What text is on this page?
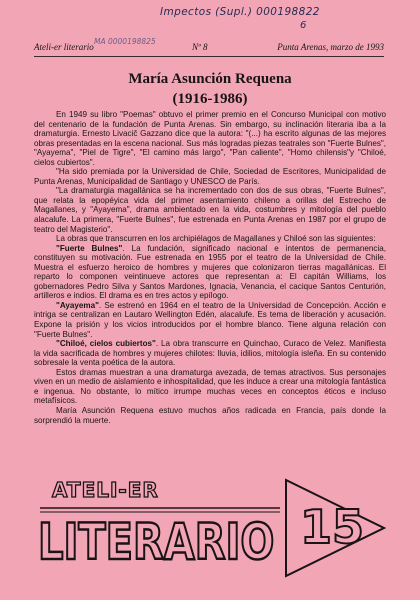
Impectos (Supl.) 000198822
6
MA 0000198825
Ateli-er literario	Nº 8	Punta Arenas, marzo de 1993
María Asunción Requena
(1916-1986)

En 1949 su libro "Poemas" obtuvo el primer premio en el Concurso Municipal con motivo del centenario de la fundación de Punta Arenas. Sin embargo, su inclinación literaria iba a la dramaturgia. Ernesto Livacič Gazzano dice que la autora: "(...) ha escrito algunas de las mejores obras presentadas en la escena nacional. Sus más logradas piezas teatrales son "Fuerte Bulnes", "Ayayema", "Piel de Tigre", "El camino más largo", "Pan caliente", "Homo chilensis"y "Chiloé, cielos cubiertos".

"Ha sido premiada por la Universidad de Chile, Sociedad de Escritores, Municipalidad de Punta Arenas, Municipalidad de Santiago y UNESCO de París.

"La dramaturgia magallánica se ha incrementado con dos de sus obras, "Fuerte Bulnes", que relata la epopéyica vida del primer asentamiento chileno a orillas del Estrecho de Magallanes, y "Ayayema", drama ambientado en la vida, costumbres y mitología del pueblo alacalufe. La primera, "Fuerte Bulnes", fue estrenada en Punta Arenas en 1987 por el grupo de teatro del Magisterio".

La obras que transcurren en los archipiélagos de Magallanes y Chiloé son las siguientes:

"Fuerte Bulnes". La fundación, significado nacional e intentos de permanencia, constituyen su motivación. Fue estrenada en 1955 por el teatro de la Universidad de Chile. Muestra el esfuerzo heroico de hombres y mujeres que colonizaron tierras magallánicas. El reparto lo componen veintinueve actores que representan a: El capitán Williams, los gobernadores Pedro Silva y Santos Mardones, Ignacia, Venancia, el cacique Santos Centurión, artilleros e indios. El drama es en tres actos y epílogo.

"Ayayema". Se estrenó en 1964 en el teatro de la Universidad de Concepción. Acción e intriga se centralizan en Lautaro Wellington Edén, alacalufe. Es tema de liberación y acusación. Expone la prisión y los vicios introducidos por el hombre blanco. Tiene alguna relación con "Fuerte Bulnes".

"Chiloé, cielos cubiertos". La obra transcurre en Quinchao, Curaco de Velez. Manifiesta la vida sacrificada de hombres y mujeres chilotes: lluvia, idilios, mitología isleña. En su contenido sobresale la venta poética de la autora.

Estos dramas muestran a una dramaturga avezada, de temas atractivos. Sus personajes viven en un medio de aislamiento e inhospitalidad, que les induce a crear una mitología fantástica e ingenua. No obstante, lo mítico irrumpe muchas veces en conceptos éticos e incluso metafísicos.

María Asunción Requena estuvo muchos años radicada en Francia, país donde la sorprendió la muerte.

ATELI-ER
LITERARIO 15
